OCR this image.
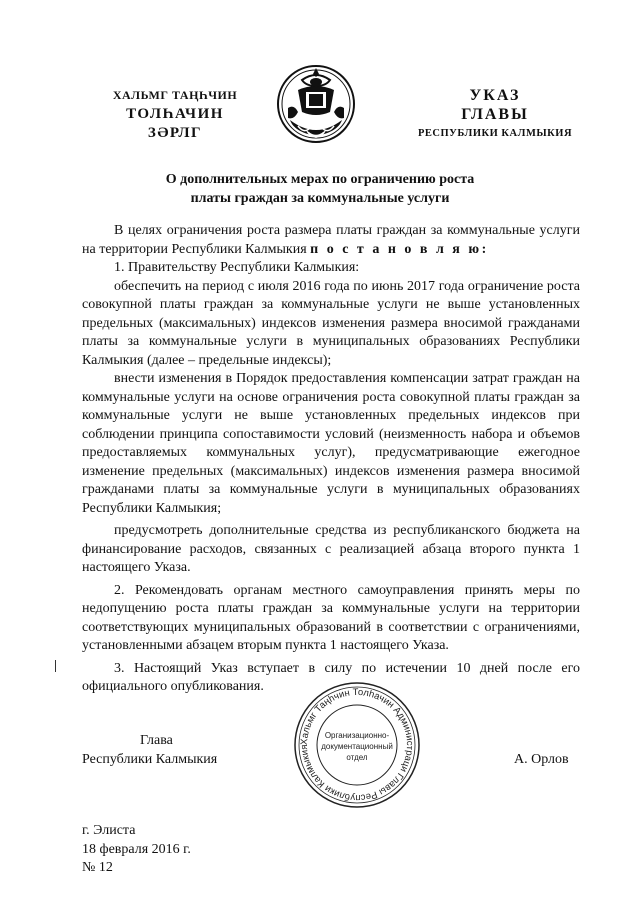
ХАЛЬМГ ТАҢҺЧИН
ТОЛҺАЧИН
ЗӘРЛГ
УКАЗ
ГЛАВЫ
РЕСПУБЛИКИ КАЛМЫКИЯ
О дополнительных мерах по ограничению роста
платы граждан за коммунальные услуги

В целях ограничения роста размера платы граждан за коммунальные услуги на территории Республики Калмыкия п о с т а н о в л я ю:

1. Правительству Республики Калмыкия:

обеспечить на период с июля 2016 года по июнь 2017 года ограничение роста совокупной платы граждан за коммунальные услуги не выше установленных предельных (максимальных) индексов изменения размера вносимой гражданами платы за коммунальные услуги в муниципальных образованиях Республики Калмыкия (далее – предельные индексы);

внести изменения в Порядок предоставления компенсации затрат граждан на коммунальные услуги на основе ограничения роста совокупной платы граждан за коммунальные услуги не выше установленных предельных индексов при соблюдении принципа сопоставимости условий (неизменность набора и объемов предоставляемых коммунальных услуг), предусматривающие ежегодное изменение предельных (максимальных) индексов изменения размера вносимой гражданами платы за коммунальные услуги в муниципальных образованиях Республики Калмыкия;

предусмотреть дополнительные средства из республиканского бюджета на финансирование расходов, связанных с реализацией абзаца второго пункта 1 настоящего Указа.

2. Рекомендовать органам местного самоуправления принять меры по недопущению роста платы граждан за коммунальные услуги на территории соответствующих муниципальных образований в соответствии с ограничениями, установленными абзацем вторым пункта 1 настоящего Указа.

3. Настоящий Указ вступает в силу по истечении 10 дней после его официального опубликования.

Глава
Республики Калмыкия
Хальмг Таңһчин Толһачин Администраци Главы Республики Калмыкия
Организационно-
документационный
отдел	А. Орлов
г. Элиста
18 февраля 2016 г.
№ 12
